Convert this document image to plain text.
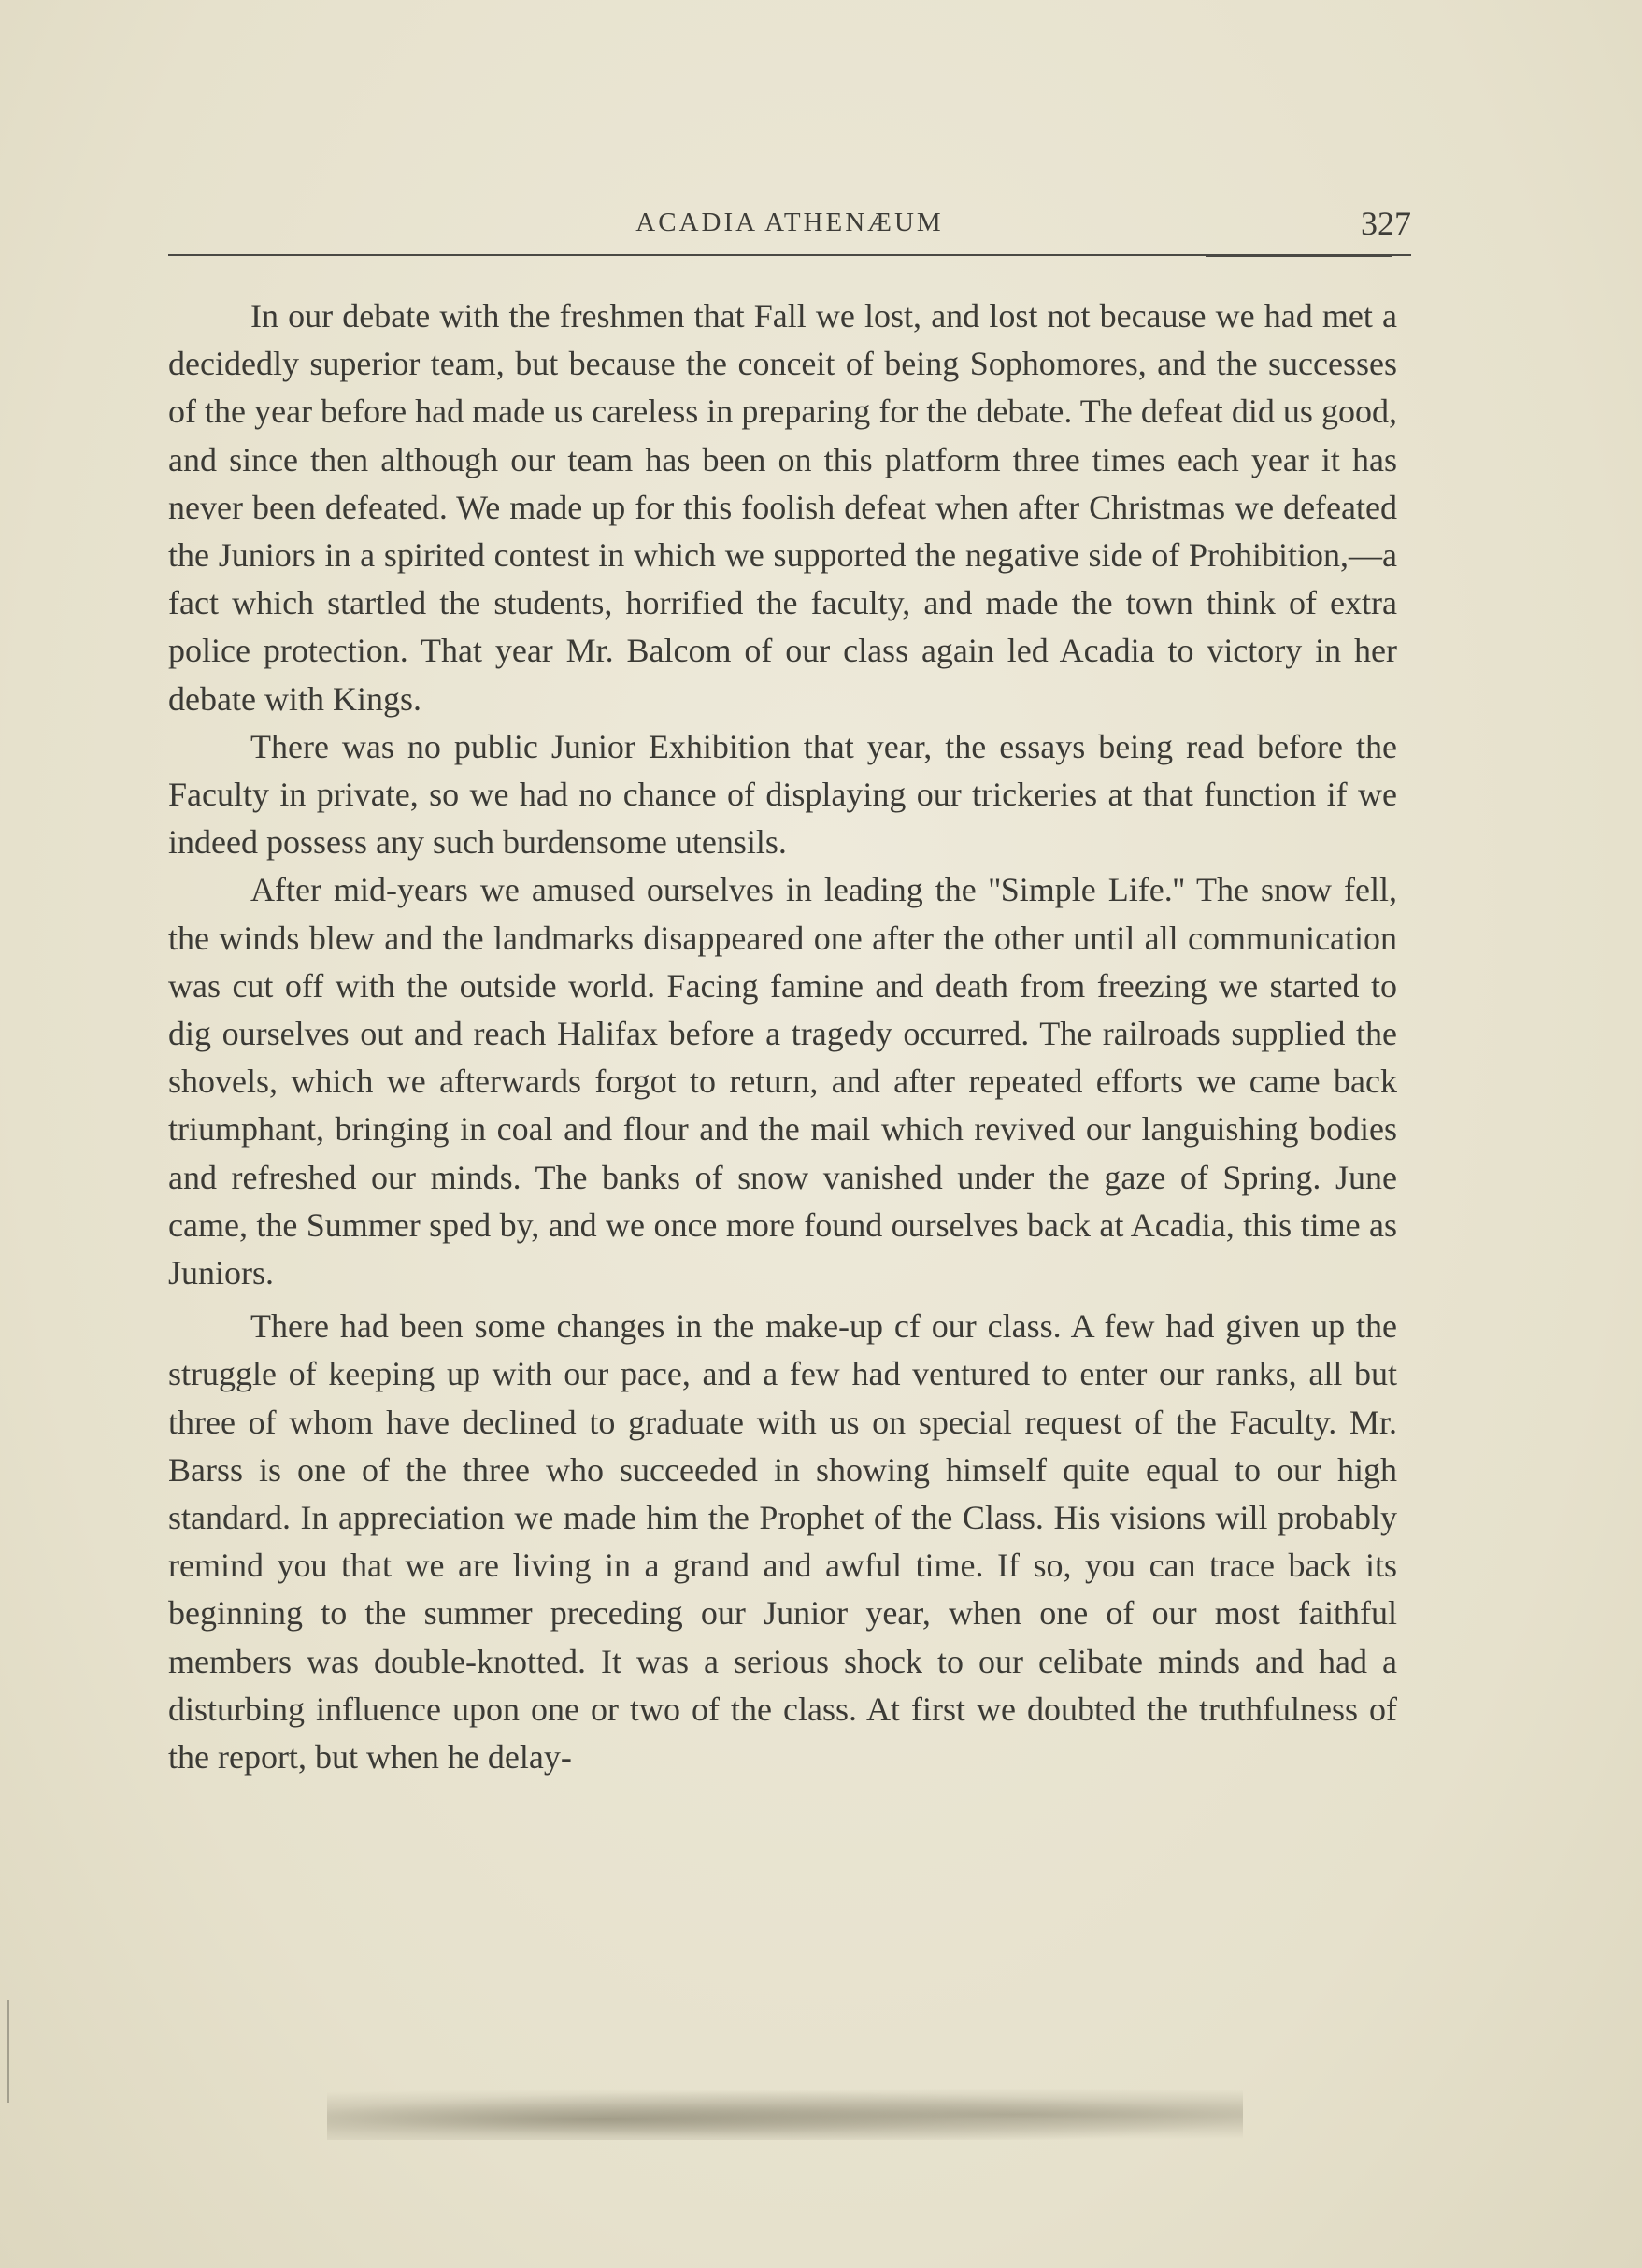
ACADIA ATHENÆUM	327

In our debate with the freshmen that Fall we lost, and lost not because we had met a decidedly superior team, but because the conceit of being Sophomores, and the successes of the year before had made us careless in preparing for the debate. The defeat did us good, and since then although our team has been on this platform three times each year it has never been defeated. We made up for this foolish defeat when after Christmas we defeated the Juniors in a spirited contest in which we supported the negative side of Prohibition,—a fact which startled the students, horrified the faculty, and made the town think of extra police protection. That year Mr. Balcom of our class again led Acadia to victory in her debate with Kings.

There was no public Junior Exhibition that year, the essays being read before the Faculty in private, so we had no chance of displaying our trickeries at that function if we indeed possess any such burdensome utensils.

After mid-years we amused ourselves in leading the ''Simple Life.'' The snow fell, the winds blew and the landmarks disappeared one after the other until all communication was cut off with the outside world. Facing famine and death from freezing we started to dig ourselves out and reach Halifax before a tragedy occurred. The railroads supplied the shovels, which we afterwards forgot to return, and after repeated efforts we came back triumphant, bringing in coal and flour and the mail which revived our languishing bodies and refreshed our minds. The banks of snow vanished under the gaze of Spring. June came, the Summer sped by, and we once more found ourselves back at Acadia, this time as Juniors.

There had been some changes in the make-up cf our class. A few had given up the struggle of keeping up with our pace, and a few had ventured to enter our ranks, all but three of whom have declined to graduate with us on special request of the Faculty. Mr. Barss is one of the three who succeeded in showing himself quite equal to our high standard. In appreciation we made him the Prophet of the Class. His visions will probably remind you that we are living in a grand and awful time. If so, you can trace back its beginning to the summer preceding our Junior year, when one of our most faithful members was double-knotted. It was a serious shock to our celibate minds and had a disturbing influence upon one or two of the class. At first we doubted the truthfulness of the report, but when he delay-
